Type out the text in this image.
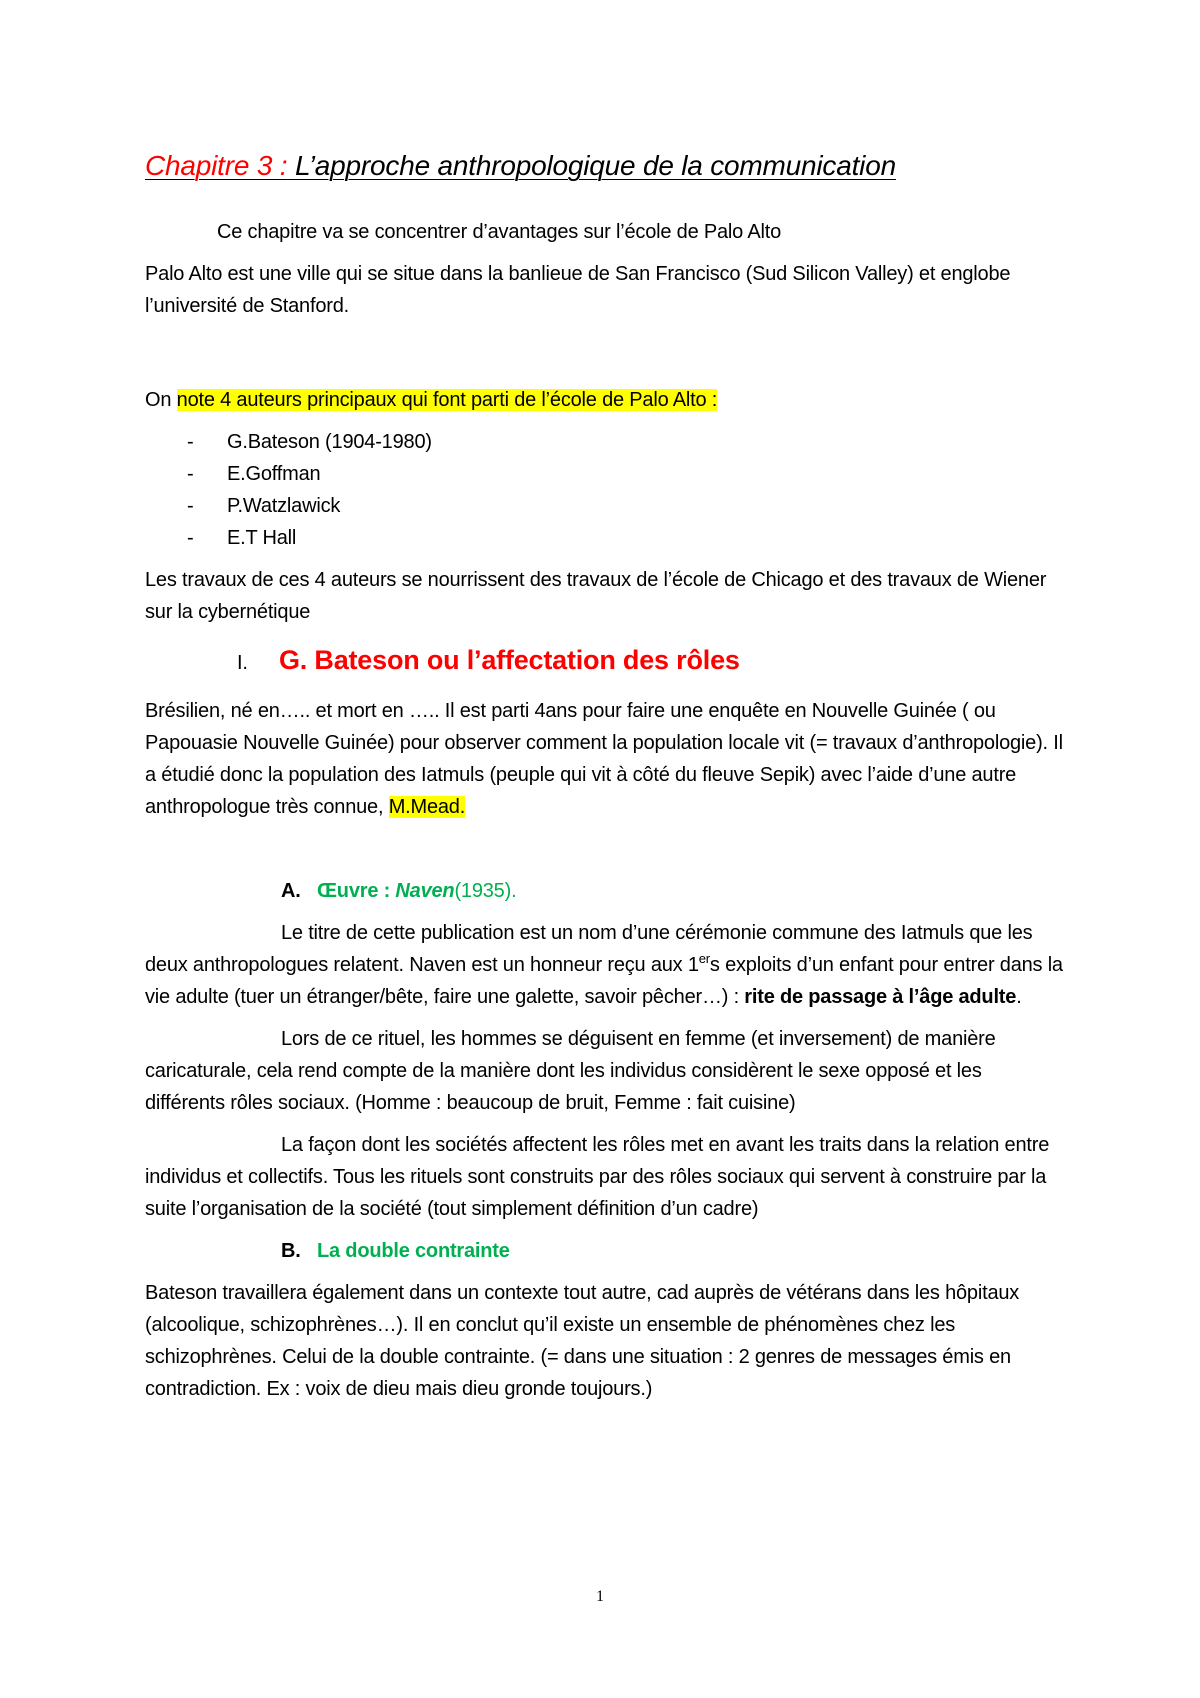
Chapitre 3 : L’approche anthropologique de la communication

Ce chapitre va se concentrer d’avantages sur l’école de Palo Alto

Palo Alto est une ville qui se situe dans la banlieue de San Francisco (Sud Silicon Valley) et englobe l’université de Stanford.

On note 4 auteurs principaux qui font parti de l’école de Palo Alto :

-	G.Bateson (1904-1980)
-	E.Goffman
-	P.Watzlawick
-	E.T Hall

Les travaux de ces 4 auteurs se nourrissent des travaux de l’école de Chicago et des travaux de Wiener sur la cybernétique

I.	G. Bateson ou l’affectation des rôles

Brésilien, né en….. et mort en ….. Il est parti 4ans pour faire une enquête en Nouvelle Guinée ( ou Papouasie Nouvelle Guinée) pour observer comment la population locale vit (= travaux d’anthropologie). Il a étudié donc la population des Iatmuls (peuple qui vit à côté du fleuve Sepik) avec l’aide d’une autre anthropologue très connue, M.Mead.

A. Œuvre : Naven (1935).

Le titre de cette publication est un nom d’une cérémonie commune des Iatmuls que les deux anthropologues relatent. Naven est un honneur reçu aux 1ers exploits d’un enfant pour entrer dans la vie adulte (tuer un étranger/bête, faire une galette, savoir pêcher…) : rite de passage à l’âge adulte.

Lors de ce rituel, les hommes se déguisent en femme (et inversement) de manière caricaturale, cela rend compte de la manière dont les individus considèrent le sexe opposé et les différents rôles sociaux. (Homme : beaucoup de bruit, Femme : fait cuisine)

La façon dont les sociétés affectent les rôles met en avant les traits dans la relation entre individus et collectifs. Tous les rituels sont construits par des rôles sociaux qui servent à construire par la suite l’organisation de la société (tout simplement définition d’un cadre)

B. La double contrainte

Bateson travaillera également dans un contexte tout autre, cad auprès de vétérans dans les hôpitaux (alcoolique, schizophrènes…). Il en conclut qu’il existe un ensemble de phénomènes chez les schizophrènes. Celui de la double contrainte. (= dans une situation : 2 genres de messages émis en contradiction. Ex : voix de dieu mais dieu gronde toujours.)

1
